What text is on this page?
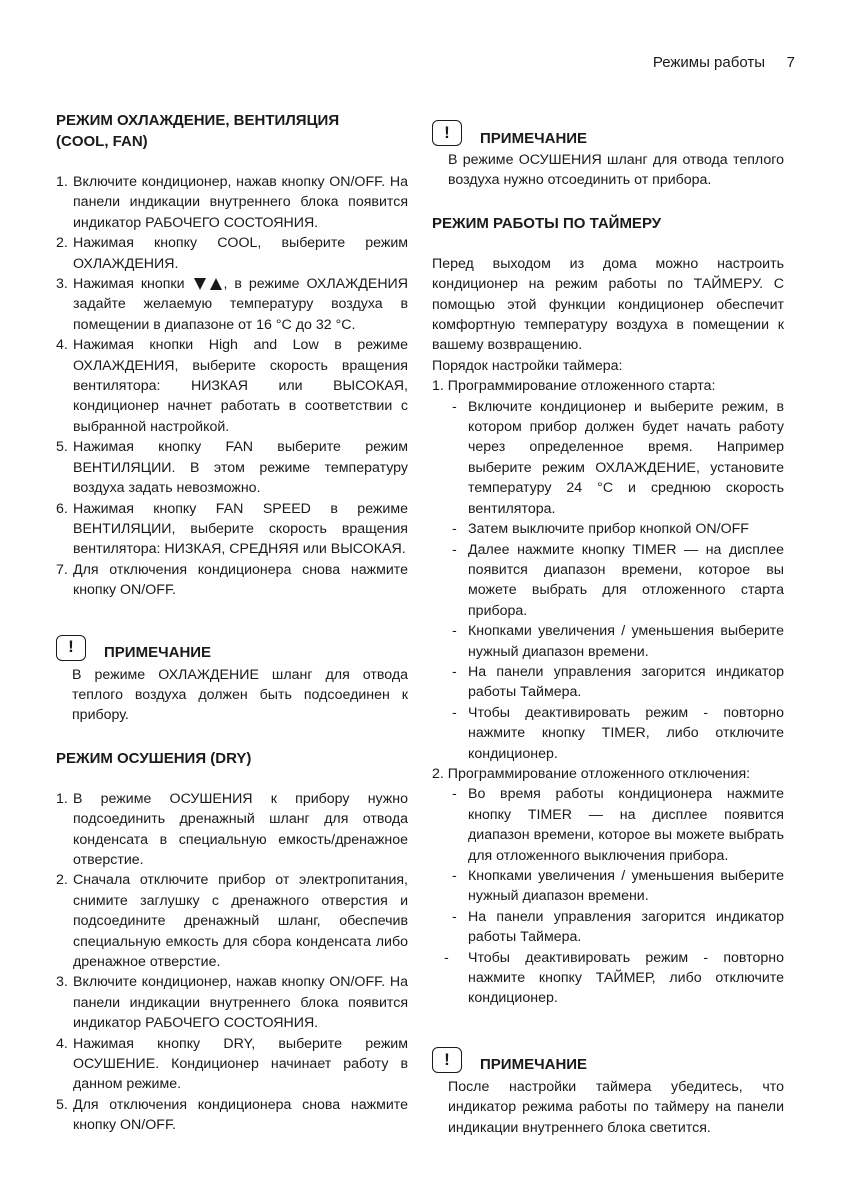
Режимы работы 7
РЕЖИМ ОХЛАЖДЕНИЕ, ВЕНТИЛЯЦИЯ
(COOL, FAN)
1. Включите кондиционер, нажав кнопку ON/OFF. На панели индикации внутреннего блока появится индикатор РАБОЧЕГО СОСТОЯНИЯ.
2. Нажимая кнопку COOL, выберите режим ОХЛАЖДЕНИЯ.
3. Нажимая кнопки	, в режиме ОХЛАЖДЕНИЯ задайте желаемую температуру воздуха в помещении в диапазоне от 16 °С до 32 °С.
4. Нажимая кнопки High and Low в режиме ОХЛАЖДЕНИЯ, выберите скорость вращения вентилятора: НИЗКАЯ или ВЫСОКАЯ, кондиционер начнет работать в соответствии с выбранной настройкой.
5. Нажимая кнопку FAN выберите режим ВЕНТИЛЯЦИИ. В этом режиме температуру воздуха задать невозможно.
6. Нажимая кнопку FAN SPEED в режиме ВЕНТИЛЯЦИИ, выберите скорость вращения вентилятора: НИЗКАЯ, СРЕДНЯЯ или ВЫСОКАЯ.
7. Для отключения кондиционера снова нажмите кнопку ON/OFF.
!	ПРИМЕЧАНИЕ
В режиме ОХЛАЖДЕНИЕ шланг для отвода теплого воздуха должен быть подсоединен к прибору.
РЕЖИМ ОСУШЕНИЯ (DRY)
1. В режиме ОСУШЕНИЯ к прибору нужно подсоединить дренажный шланг для отвода конденсата в специальную емкость/дренажное отверстие.
2. Сначала отключите прибор от электропитания, снимите заглушку с дренажного отверстия и подсоедините дренажный шланг, обеспечив специальную емкость для сбора конденсата либо дренажное отверстие.
3. Включите кондиционер, нажав кнопку ON/OFF. На панели индикации внутреннего блока появится индикатор РАБОЧЕГО СОСТОЯНИЯ.
4. Нажимая кнопку DRY, выберите режим ОСУШЕНИЕ. Кондиционер начинает работу в данном режиме.
5. Для отключения кондиционера снова нажмите кнопку ON/OFF.
!	ПРИМЕЧАНИЕ
В режиме ОСУШЕНИЯ шланг для отвода теплого воздуха нужно отсоединить от прибора.
РЕЖИМ РАБОТЫ ПО ТАЙМЕРУ
Перед выходом из дома можно настроить кондиционер на режим работы по ТАЙМЕРУ. С помощью этой функции кондиционер обеспечит комфортную температуру воздуха в помещении к вашему возвращению.
Порядок настройки таймера:
1. Программирование отложенного старта:
- Включите кондиционер и выберите режим, в котором прибор должен будет начать работу через определенное время. Например выберите режим ОХЛАЖДЕНИЕ, установите температуру 24 °С и среднюю скорость вентилятора.
- Затем выключите прибор кнопкой ON/OFF
- Далее нажмите кнопку TIMER — на дисплее появится диапазон времени, которое вы можете выбрать для отложенного старта прибора.
- Кнопками увеличения / уменьшения выберите нужный диапазон времени.
- На панели управления загорится индикатор работы Таймера.
- Чтобы деактивировать режим - повторно нажмите кнопку TIMER, либо отключите кондиционер.
2. Программирование отложенного отключения:
- Во время работы кондиционера нажмите кнопку TIMER — на дисплее появится диапазон времени, которое вы можете выбрать для отложенного выключения прибора.
- Кнопками увеличения / уменьшения выберите нужный диапазон времени.
- На панели управления загорится индикатор работы Таймера.
- Чтобы деактивировать режим - повторно нажмите кнопку ТАЙМЕР, либо отключите кондиционер.
!	ПРИМЕЧАНИЕ
После настройки таймера убедитесь, что индикатор режима работы по таймеру на панели индикации внутреннего блока светится.
